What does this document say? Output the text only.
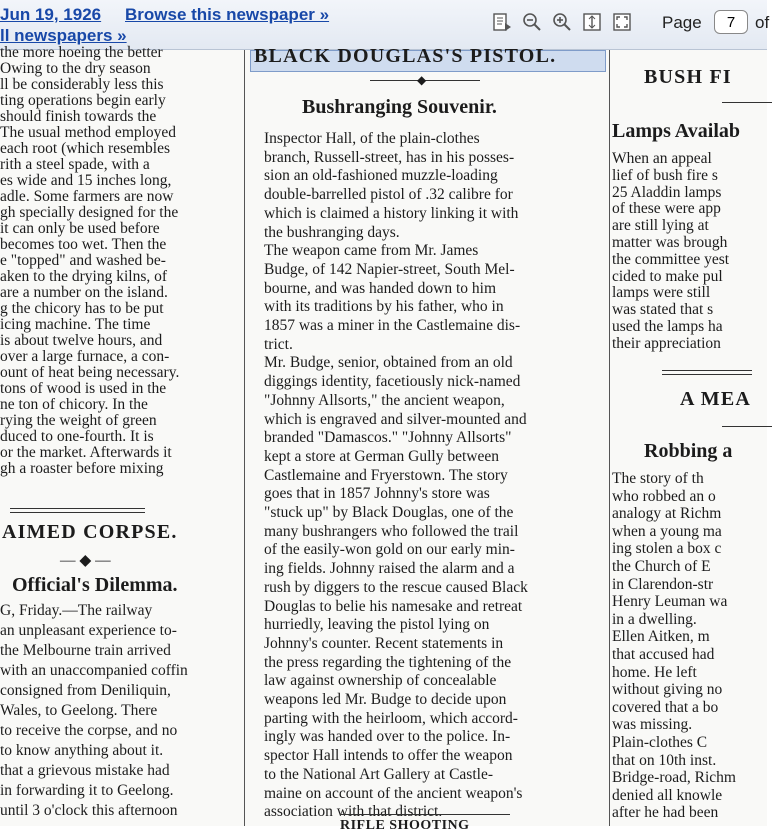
Jun 19, 1926 Browse this newspaper »
ll newspapers »
Page
7	of
the more hoeing the better
Owing to the dry season
ll be considerably less this
ting operations begin early
should finish towards the
The usual method employed
each root (which resembles
rith a steel spade, with a
es wide and 15 inches long,
adle. Some farmers are now
gh specially designed for the
it can only be used before
becomes too wet. Then the
e "topped" and washed be-
aken to the drying kilns, of
are a number on the island.
g the chicory has to be put
icing machine. The time
is about twelve hours, and
over a large furnace, a con-
ount of heat being necessary.
tons of wood is used in the
ne ton of chicory. In the
rying the weight of green
duced to one-fourth. It is
or the market. Afterwards it
gh a roaster before mixing
AIMED CORPSE.
— ◆ —
Official's Dilemma.
G, Friday.—The railway
an unpleasant experience to-
the Melbourne train arrived
with an unaccompanied coffin
consigned from Deniliquin,
Wales, to Geelong. There
to receive the corpse, and no
to know anything about it.
that a grievous mistake had
in forwarding it to Geelong.
until 3 o'clock this afternoon
BLACK DOUGLAS'S PISTOL.
◆
Bushranging Souvenir.
Inspector Hall, of the plain-clothes
branch, Russell-street, has in his posses-
sion an old-fashioned muzzle-loading
double-barrelled pistol of .32 calibre for
which is claimed a history linking it with
the bushranging days.
The weapon came from Mr. James
Budge, of 142 Napier-street, South Mel-
bourne, and was handed down to him
with its traditions by his father, who in
1857 was a miner in the Castlemaine dis-
trict.
Mr. Budge, senior, obtained from an old
diggings identity, facetiously nick-named
"Johnny Allsorts," the ancient weapon,
which is engraved and silver-mounted and
branded "Damascos." "Johnny Allsorts"
kept a store at German Gully between
Castlemaine and Fryerstown. The story
goes that in 1857 Johnny's store was
"stuck up" by Black Douglas, one of the
many bushrangers who followed the trail
of the easily-won gold on our early min-
ing fields. Johnny raised the alarm and a
rush by diggers to the rescue caused Black
Douglas to belie his namesake and retreat
hurriedly, leaving the pistol lying on
Johnny's counter. Recent statements in
the press regarding the tightening of the
law against ownership of concealable
weapons led Mr. Budge to decide upon
parting with the heirloom, which accord-
ingly was handed over to the police. In-
spector Hall intends to offer the weapon
to the National Art Gallery at Castle-
maine on account of the ancient weapon's
association with that district.
RIFLE SHOOTING
BUSH FI
Lamps Availab
When an appeal
lief of bush fire s
25 Aladdin lamps
of these were app
are still lying at
matter was brough
the committee yest
cided to make pul
lamps were still
was stated that s
used the lamps ha
their appreciation
A MEA
Robbing a
The story of th
who robbed an o
analogy at Richm
when a young ma
ing stolen a box c
the Church of E
in Clarendon-str
Henry Leuman wa
in a dwelling.
Ellen Aitken, m
that accused had
home. He left
without giving no
covered that a bo
was missing.
Plain-clothes C
that on 10th inst.
Bridge-road, Richm
denied all knowle
after he had been
